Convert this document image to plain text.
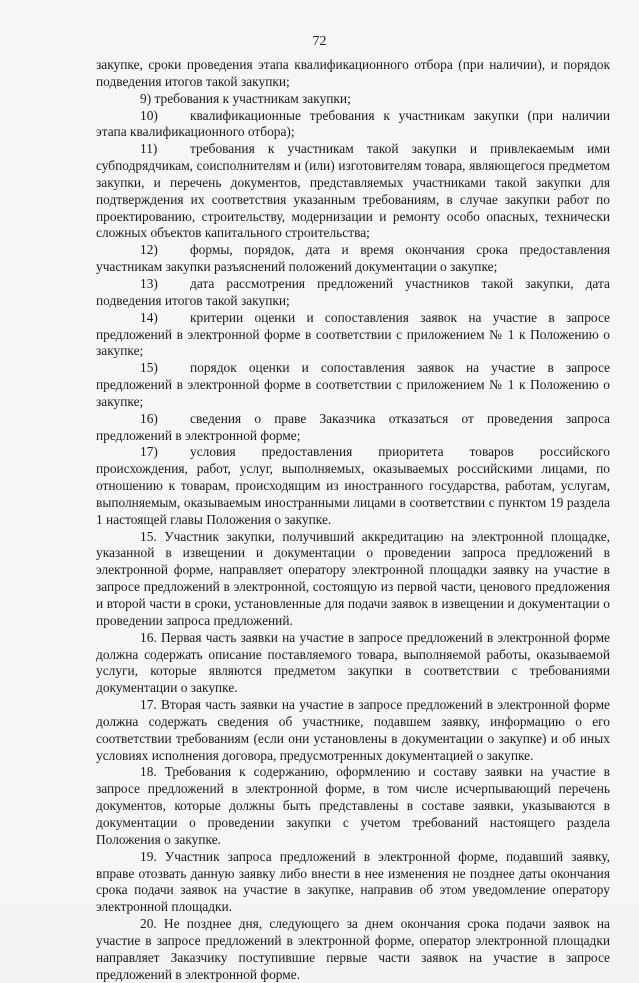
72

закупке, сроки проведения этапа квалификационного отбора (при наличии), и порядок подведения итогов такой закупки;

9) требования к участникам закупки;

10) квалификационные требования к участникам закупки (при наличии этапа квалификационного отбора);

11) требования к участникам такой закупки и привлекаемым ими субподрядчикам, соисполнителям и (или) изготовителям товара, являющегося предметом закупки, и перечень документов, представляемых участниками такой закупки для подтверждения их соответствия указанным требованиям, в случае закупки работ по проектированию, строительству, модернизации и ремонту особо опасных, технически сложных объектов капитального строительства;

12) формы, порядок, дата и время окончания срока предоставления участникам закупки разъяснений положений документации о закупке;

13) дата рассмотрения предложений участников такой закупки, дата подведения итогов такой закупки;

14) критерии оценки и сопоставления заявок на участие в запросе предложений в электронной форме в соответствии с приложением № 1 к Положению о закупке;

15) порядок оценки и сопоставления заявок на участие в запросе предложений в электронной форме в соответствии с приложением № 1 к Положению о закупке;

16) сведения о праве Заказчика отказаться от проведения запроса предложений в электронной форме;

17) условия предоставления приоритета товаров российского происхождения, работ, услуг, выполняемых, оказываемых российскими лицами, по отношению к товарам, происходящим из иностранного государства, работам, услугам, выполняемым, оказываемым иностранными лицами в соответствии с пунктом 19 раздела 1 настоящей главы Положения о закупке.

15. Участник закупки, получивший аккредитацию на электронной площадке, указанной в извещении и документации о проведении запроса предложений в электронной форме, направляет оператору электронной площадки заявку на участие в запросе предложений в электронной, состоящую из первой части, ценового предложения и второй части в сроки, установленные для подачи заявок в извещении и документации о проведении запроса предложений.

16. Первая часть заявки на участие в запросе предложений в электронной форме должна содержать описание поставляемого товара, выполняемой работы, оказываемой услуги, которые являются предметом закупки в соответствии с требованиями документации о закупке.

17. Вторая часть заявки на участие в запросе предложений в электронной форме должна содержать сведения об участнике, подавшем заявку, информацию о его соответствии требованиям (если они установлены в документации о закупке) и об иных условиях исполнения договора, предусмотренных документацией о закупке.

18. Требования к содержанию, оформлению и составу заявки на участие в запросе предложений в электронной форме, в том числе исчерпывающий перечень документов, которые должны быть представлены в составе заявки, указываются в документации о проведении закупки с учетом требований настоящего раздела Положения о закупке.

19. Участник запроса предложений в электронной форме, подавший заявку, вправе отозвать данную заявку либо внести в нее изменения не позднее даты окончания срока подачи заявок на участие в закупке, направив об этом уведомление оператору электронной площадки.

20. Не позднее дня, следующего за днем окончания срока подачи заявок на участие в запросе предложений в электронной форме, оператор электронной площадки направляет Заказчику поступившие первые части заявок на участие в запросе предложений в электронной форме.
